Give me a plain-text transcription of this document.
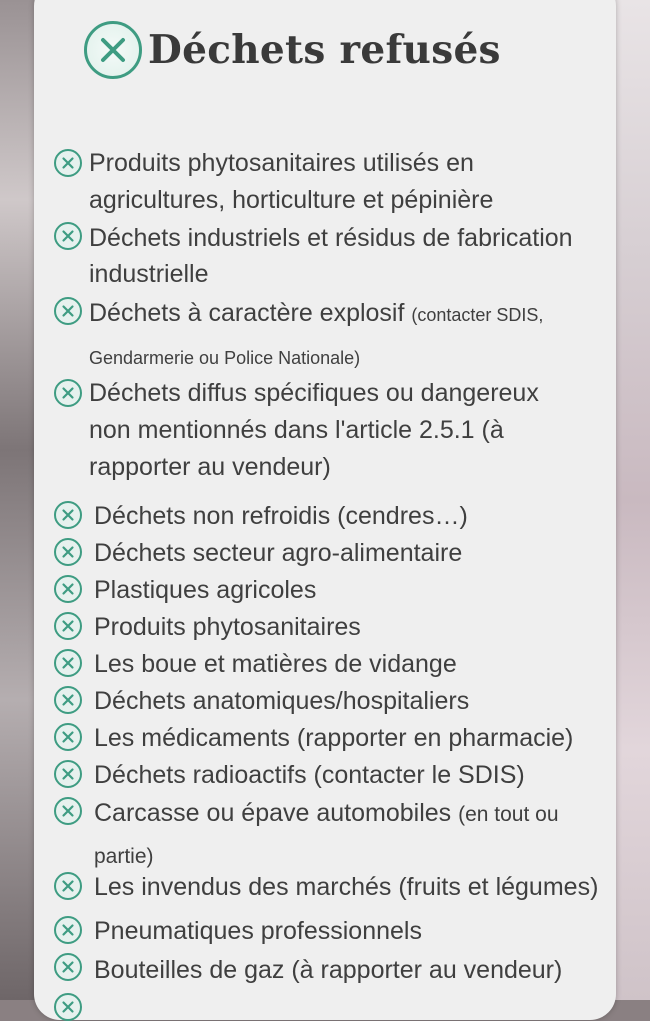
Déchets refusés
Produits phytosanitaires utilisés en agricultures, horticulture et pépinière
Déchets industriels et résidus de fabrication industrielle
Déchets à caractère explosif (contacter SDIS, Gendarmerie ou Police Nationale)
Déchets diffus spécifiques ou dangereux non mentionnés dans l'article 2.5.1 (à rapporter au vendeur)
Déchets non refroidis (cendres…)
Déchets secteur agro-alimentaire
Plastiques agricoles
Produits phytosanitaires
Les boue et matières de vidange
Déchets anatomiques/hospitaliers
Les médicaments (rapporter en pharmacie)
Déchets radioactifs (contacter le SDIS)
Carcasse ou épave automobiles (en tout ou partie)
Les invendus des marchés (fruits et légumes)
Pneumatiques professionnels
Bouteilles de gaz (à rapporter au vendeur)
